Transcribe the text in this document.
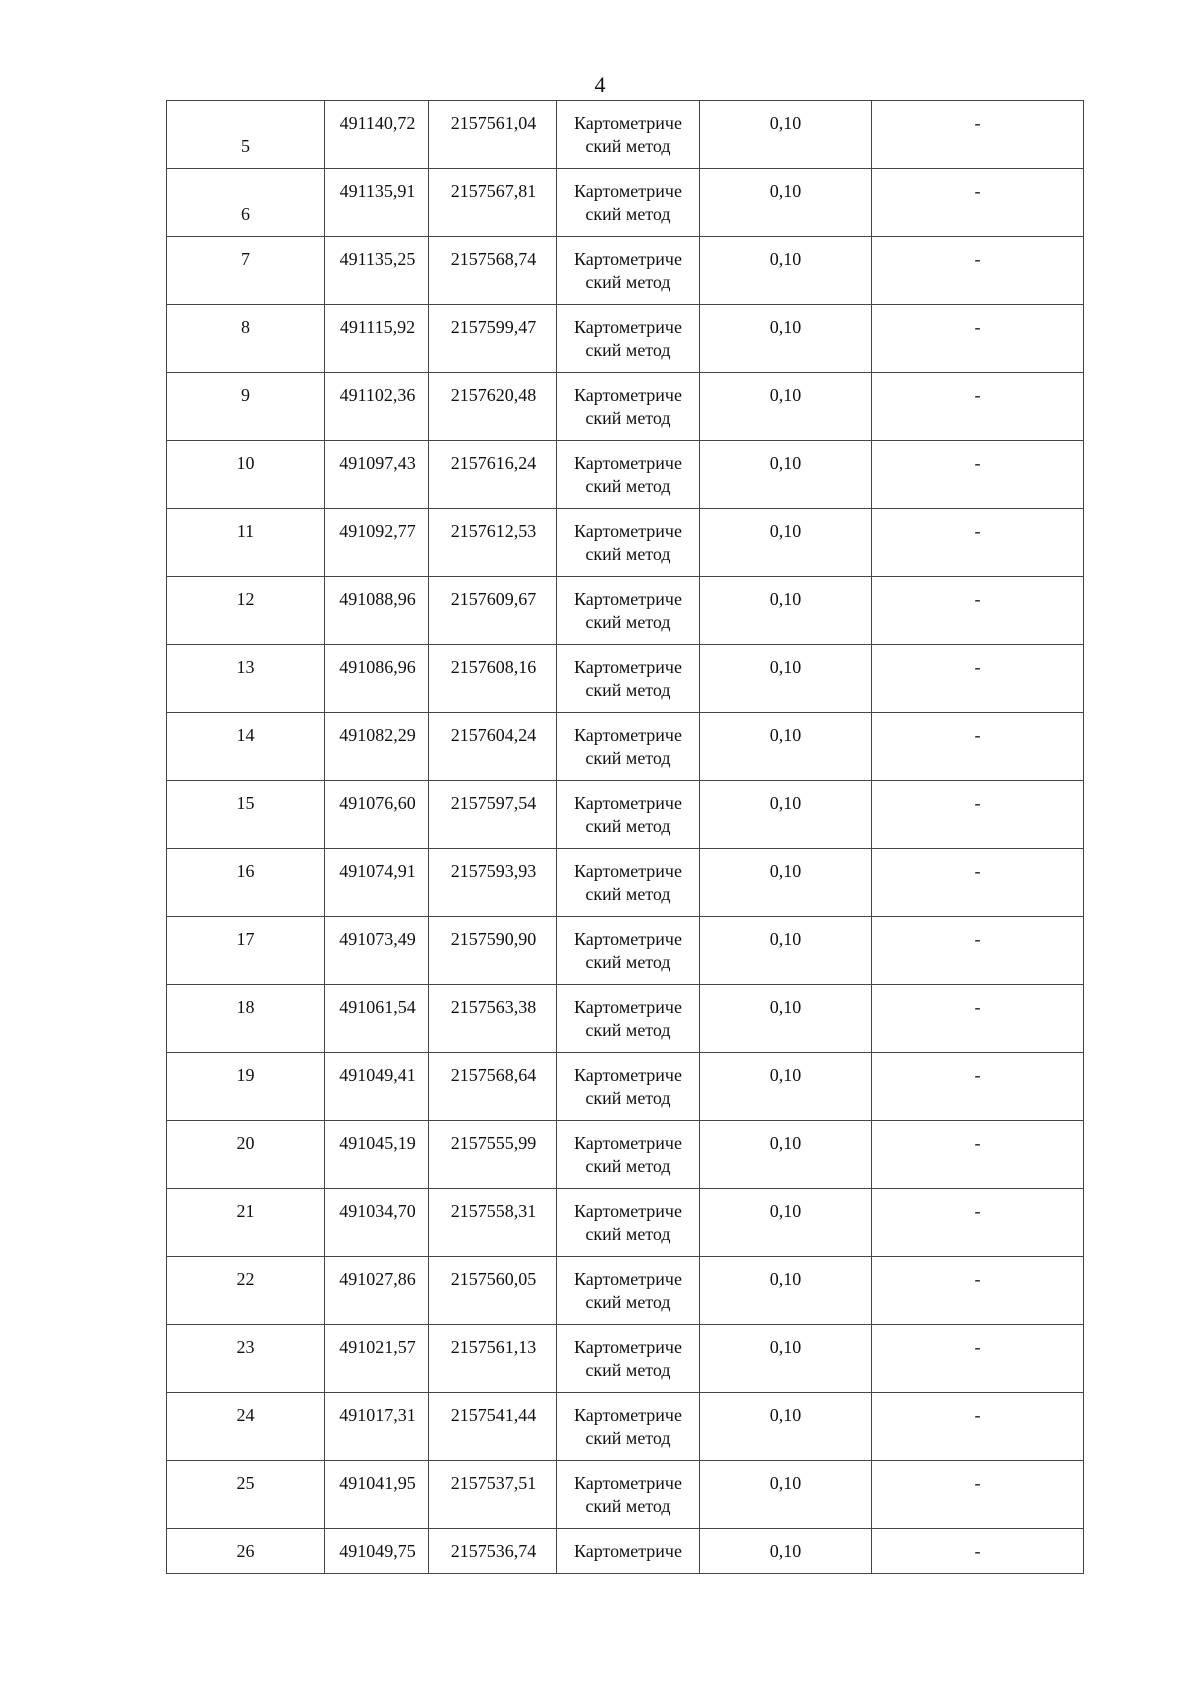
4
5	491140,72	2157561,04	Картометриче
ский метод	0,10	-

6	491135,91	2157567,81	Картометриче
ский метод	0,10	-

7	491135,25	2157568,74	Картометриче
ский метод	0,10	-

8	491115,92	2157599,47	Картометриче
ский метод	0,10	-

9	491102,36	2157620,48	Картометриче
ский метод	0,10	-

10	491097,43	2157616,24	Картометриче
ский метод	0,10	-

11	491092,77	2157612,53	Картометриче
ский метод	0,10	-

12	491088,96	2157609,67	Картометриче
ский метод	0,10	-

13	491086,96	2157608,16	Картометриче
ский метод	0,10	-

14	491082,29	2157604,24	Картометриче
ский метод	0,10	-

15	491076,60	2157597,54	Картометриче
ский метод	0,10	-

16	491074,91	2157593,93	Картометриче
ский метод	0,10	-

17	491073,49	2157590,90	Картометриче
ский метод	0,10	-

18	491061,54	2157563,38	Картометриче
ский метод	0,10	-

19	491049,41	2157568,64	Картометриче
ский метод	0,10	-

20	491045,19	2157555,99	Картометриче
ский метод	0,10	-

21	491034,70	2157558,31	Картометриче
ский метод	0,10	-

22	491027,86	2157560,05	Картометриче
ский метод	0,10	-

23	491021,57	2157561,13	Картометриче
ский метод	0,10	-

24	491017,31	2157541,44	Картометриче
ский метод	0,10	-

25	491041,95	2157537,51	Картометриче
ский метод	0,10	-

26	491049,75	2157536,74	Картометриче	0,10	-
